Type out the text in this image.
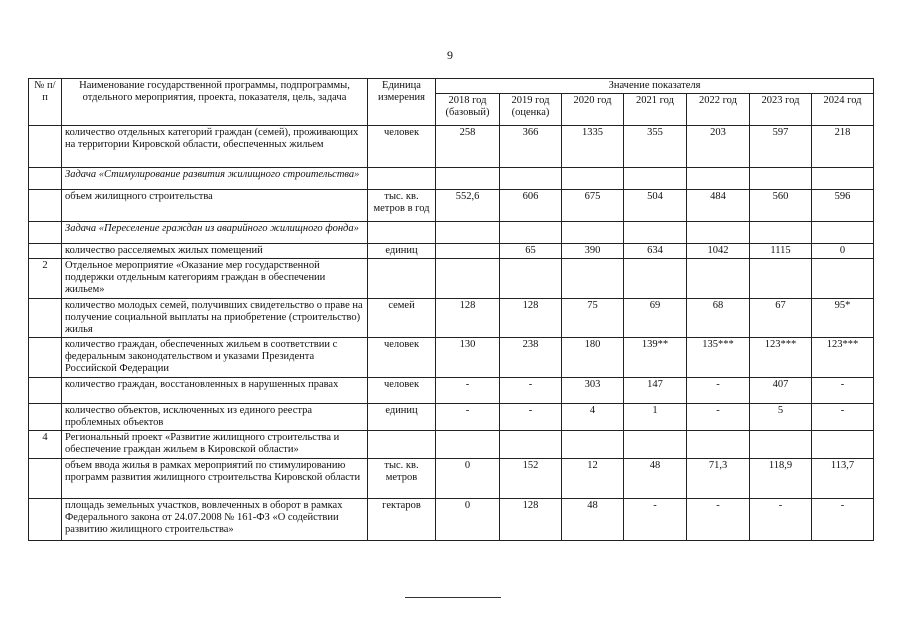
9
№ п/п	Наименование государственной программы, подпрограммы, отдельного мероприятия, проекта, показателя, цель, задача	Единица измерения	Значение показателя						
			2018 год (базовый)	2019 год (оценка)	2020 год	2021 год	2022 год	2023 год	2024 год
	количество отдельных категорий граждан (семей), проживающих на территории Кировской области, обеспеченных жильем	человек	258	366	1335	355	203	597	218
	Задача «Стимулирование развития жилищного строительства»								
	объем жилищного строительства	тыс. кв. метров в год	552,6	606	675	504	484	560	596
	Задача «Переселение граждан из аварийного жилищного фонда»								
	количество расселяемых жилых помещений	единиц		65	390	634	1042	1115	0
2	Отдельное мероприятие «Оказание мер государственной поддержки отдельным категориям граждан в обеспечении жильем»								
	количество молодых семей, получивших свидетельство о праве на получение социальной выплаты на приобретение (строительство) жилья	семей	128	128	75	69	68	67	95*
	количество граждан, обеспеченных жильем в соответствии с федеральным законодательством и указами Президента Российской Федерации	человек	130	238	180	139**	135***	123***	123***
	количество граждан, восстановленных в нарушенных правах	человек	-	-	303	147	-	407	-
	количество объектов, исключенных из единого реестра проблемных объектов	единиц	-	-	4	1	-	5	-
4	Региональный проект «Развитие жилищного строительства и обеспечение граждан жильем в Кировской области»								
	объем ввода жилья в рамках мероприятий по стимулированию программ развития жилищного строительства Кировской области	тыс. кв. метров	0	152	12	48	71,3	118,9	113,7
	площадь земельных участков, вовлеченных в оборот в рамках Федерального закона от 24.07.2008 № 161-ФЗ «О содействии развитию жилищного строительства»	гектаров	0	128	48	-	-	-	-
